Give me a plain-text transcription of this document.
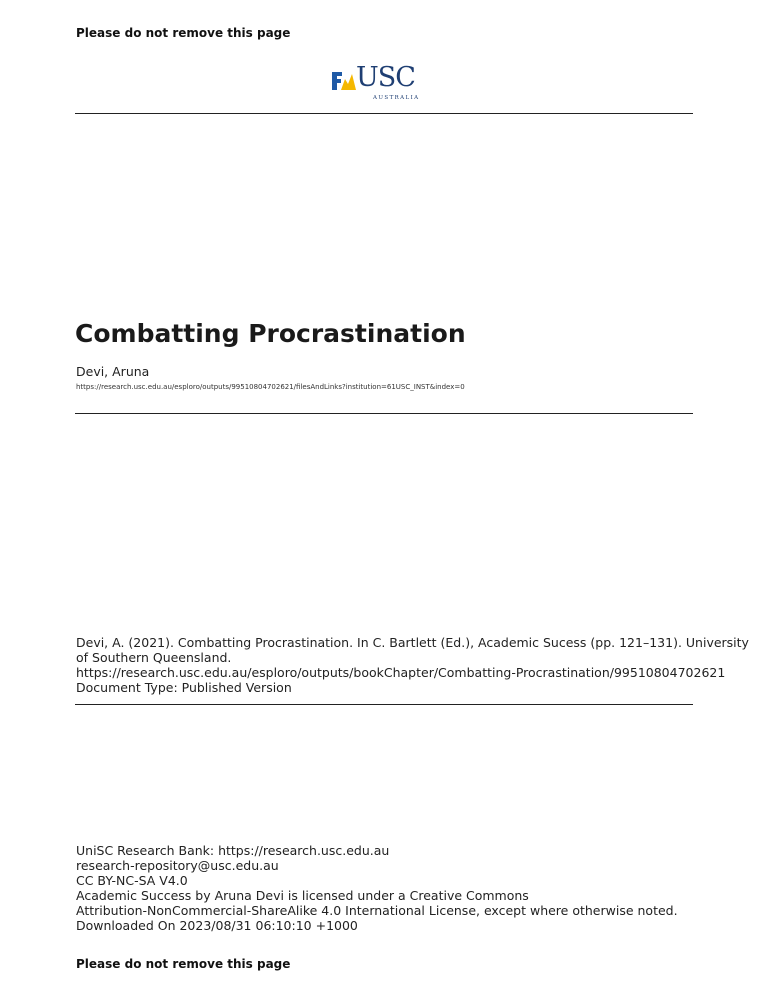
Please do not remove this page
USC
AUSTRALIA
Combatting Procrastination
Devi, Aruna
https://research.usc.edu.au/esploro/outputs/99510804702621/filesAndLinks?institution=61USC_INST&index=0
Devi, A. (2021). Combatting Procrastination. In C. Bartlett (Ed.), Academic Sucess (pp. 121–131). University
of Southern Queensland.
https://research.usc.edu.au/esploro/outputs/bookChapter/Combatting-Procrastination/99510804702621
Document Type: Published Version
UniSC Research Bank: https://research.usc.edu.au
research-repository@usc.edu.au
CC BY-NC-SA V4.0
Academic Success by Aruna Devi is licensed under a Creative Commons
Attribution-NonCommercial-ShareAlike 4.0 International License, except where otherwise noted.
Downloaded On 2023/08/31 06:10:10 +1000
Please do not remove this page
